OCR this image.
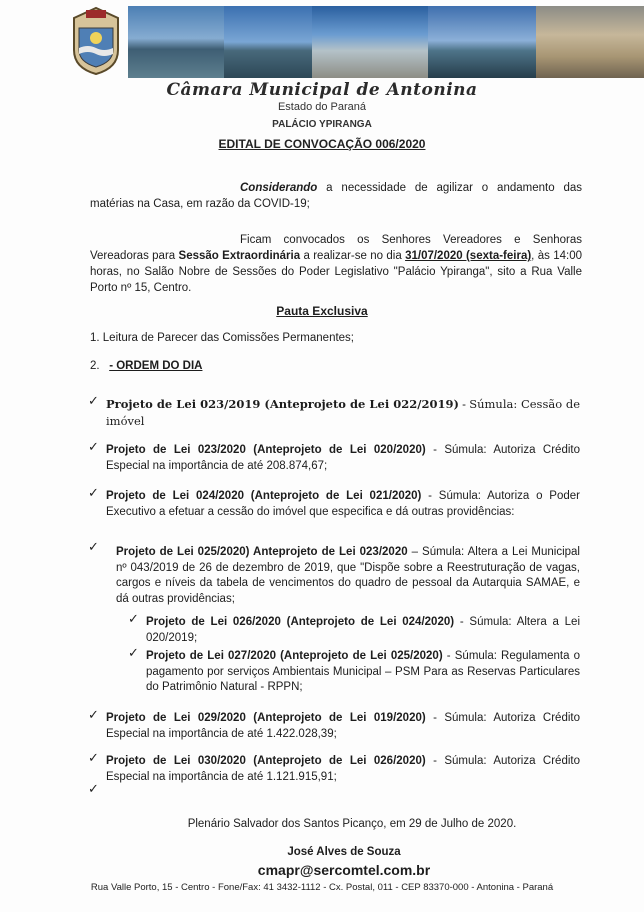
Câmara Municipal de Antonina
Estado do Paraná
PALÁCIO YPIRANGA
EDITAL DE CONVOCAÇÃO 006/2020
Considerando a necessidade de agilizar o andamento das matérias na Casa, em razão da COVID-19;
Ficam convocados os Senhores Vereadores e Senhoras Vereadoras para Sessão Extraordinária a realizar-se no dia 31/07/2020 (sexta-feira), às 14:00 horas, no Salão Nobre de Sessões do Poder Legislativo "Palácio Ypiranga", sito a Rua Valle Porto nº 15, Centro.
Pauta Exclusiva
1. Leitura de Parecer das Comissões Permanentes;
2. - ORDEM DO DIA
✓ Projeto de Lei 023/2019 (Anteprojeto de Lei 022/2019) - Súmula: Cessão de imóvel
✓ Projeto de Lei 023/2020 (Anteprojeto de Lei 020/2020) - Súmula: Autoriza Crédito Especial na importância de até 208.874,67;
✓ Projeto de Lei 024/2020 (Anteprojeto de Lei 021/2020) - Súmula: Autoriza o Poder Executivo a efetuar a cessão do imóvel que especifica e dá outras providências:
✓ Projeto de Lei 025/2020) Anteprojeto de Lei 023/2020 – Súmula: Altera a Lei Municipal nº 043/2019 de 26 de dezembro de 2019, que "Dispõe sobre a Reestruturação de vagas, cargos e níveis da tabela de vencimentos do quadro de pessoal da Autarquia SAMAE, e dá outras providências;
✓ Projeto de Lei 026/2020 (Anteprojeto de Lei 024/2020) - Súmula: Altera a Lei 020/2019;
✓ Projeto de Lei 027/2020 (Anteprojeto de Lei 025/2020) - Súmula: Regulamenta o pagamento por serviços Ambientais Municipal – PSM Para as Reservas Particulares do Patrimônio Natural - RPPN;
✓ Projeto de Lei 029/2020 (Anteprojeto de Lei 019/2020) - Súmula: Autoriza Crédito Especial na importância de até 1.422.028,39;
✓ Projeto de Lei 030/2020 (Anteprojeto de Lei 026/2020) - Súmula: Autoriza Crédito Especial na importância de até 1.121.915,91;
✓
Plenário Salvador dos Santos Picanço, em 29 de Julho de 2020.
José Alves de Souza
cmapr@sercomtel.com.br
Rua Valle Porto, 15 - Centro - Fone/Fax: 41 3432-1112 - Cx. Postal, 011 - CEP 83370-000 - Antonina - Paraná
